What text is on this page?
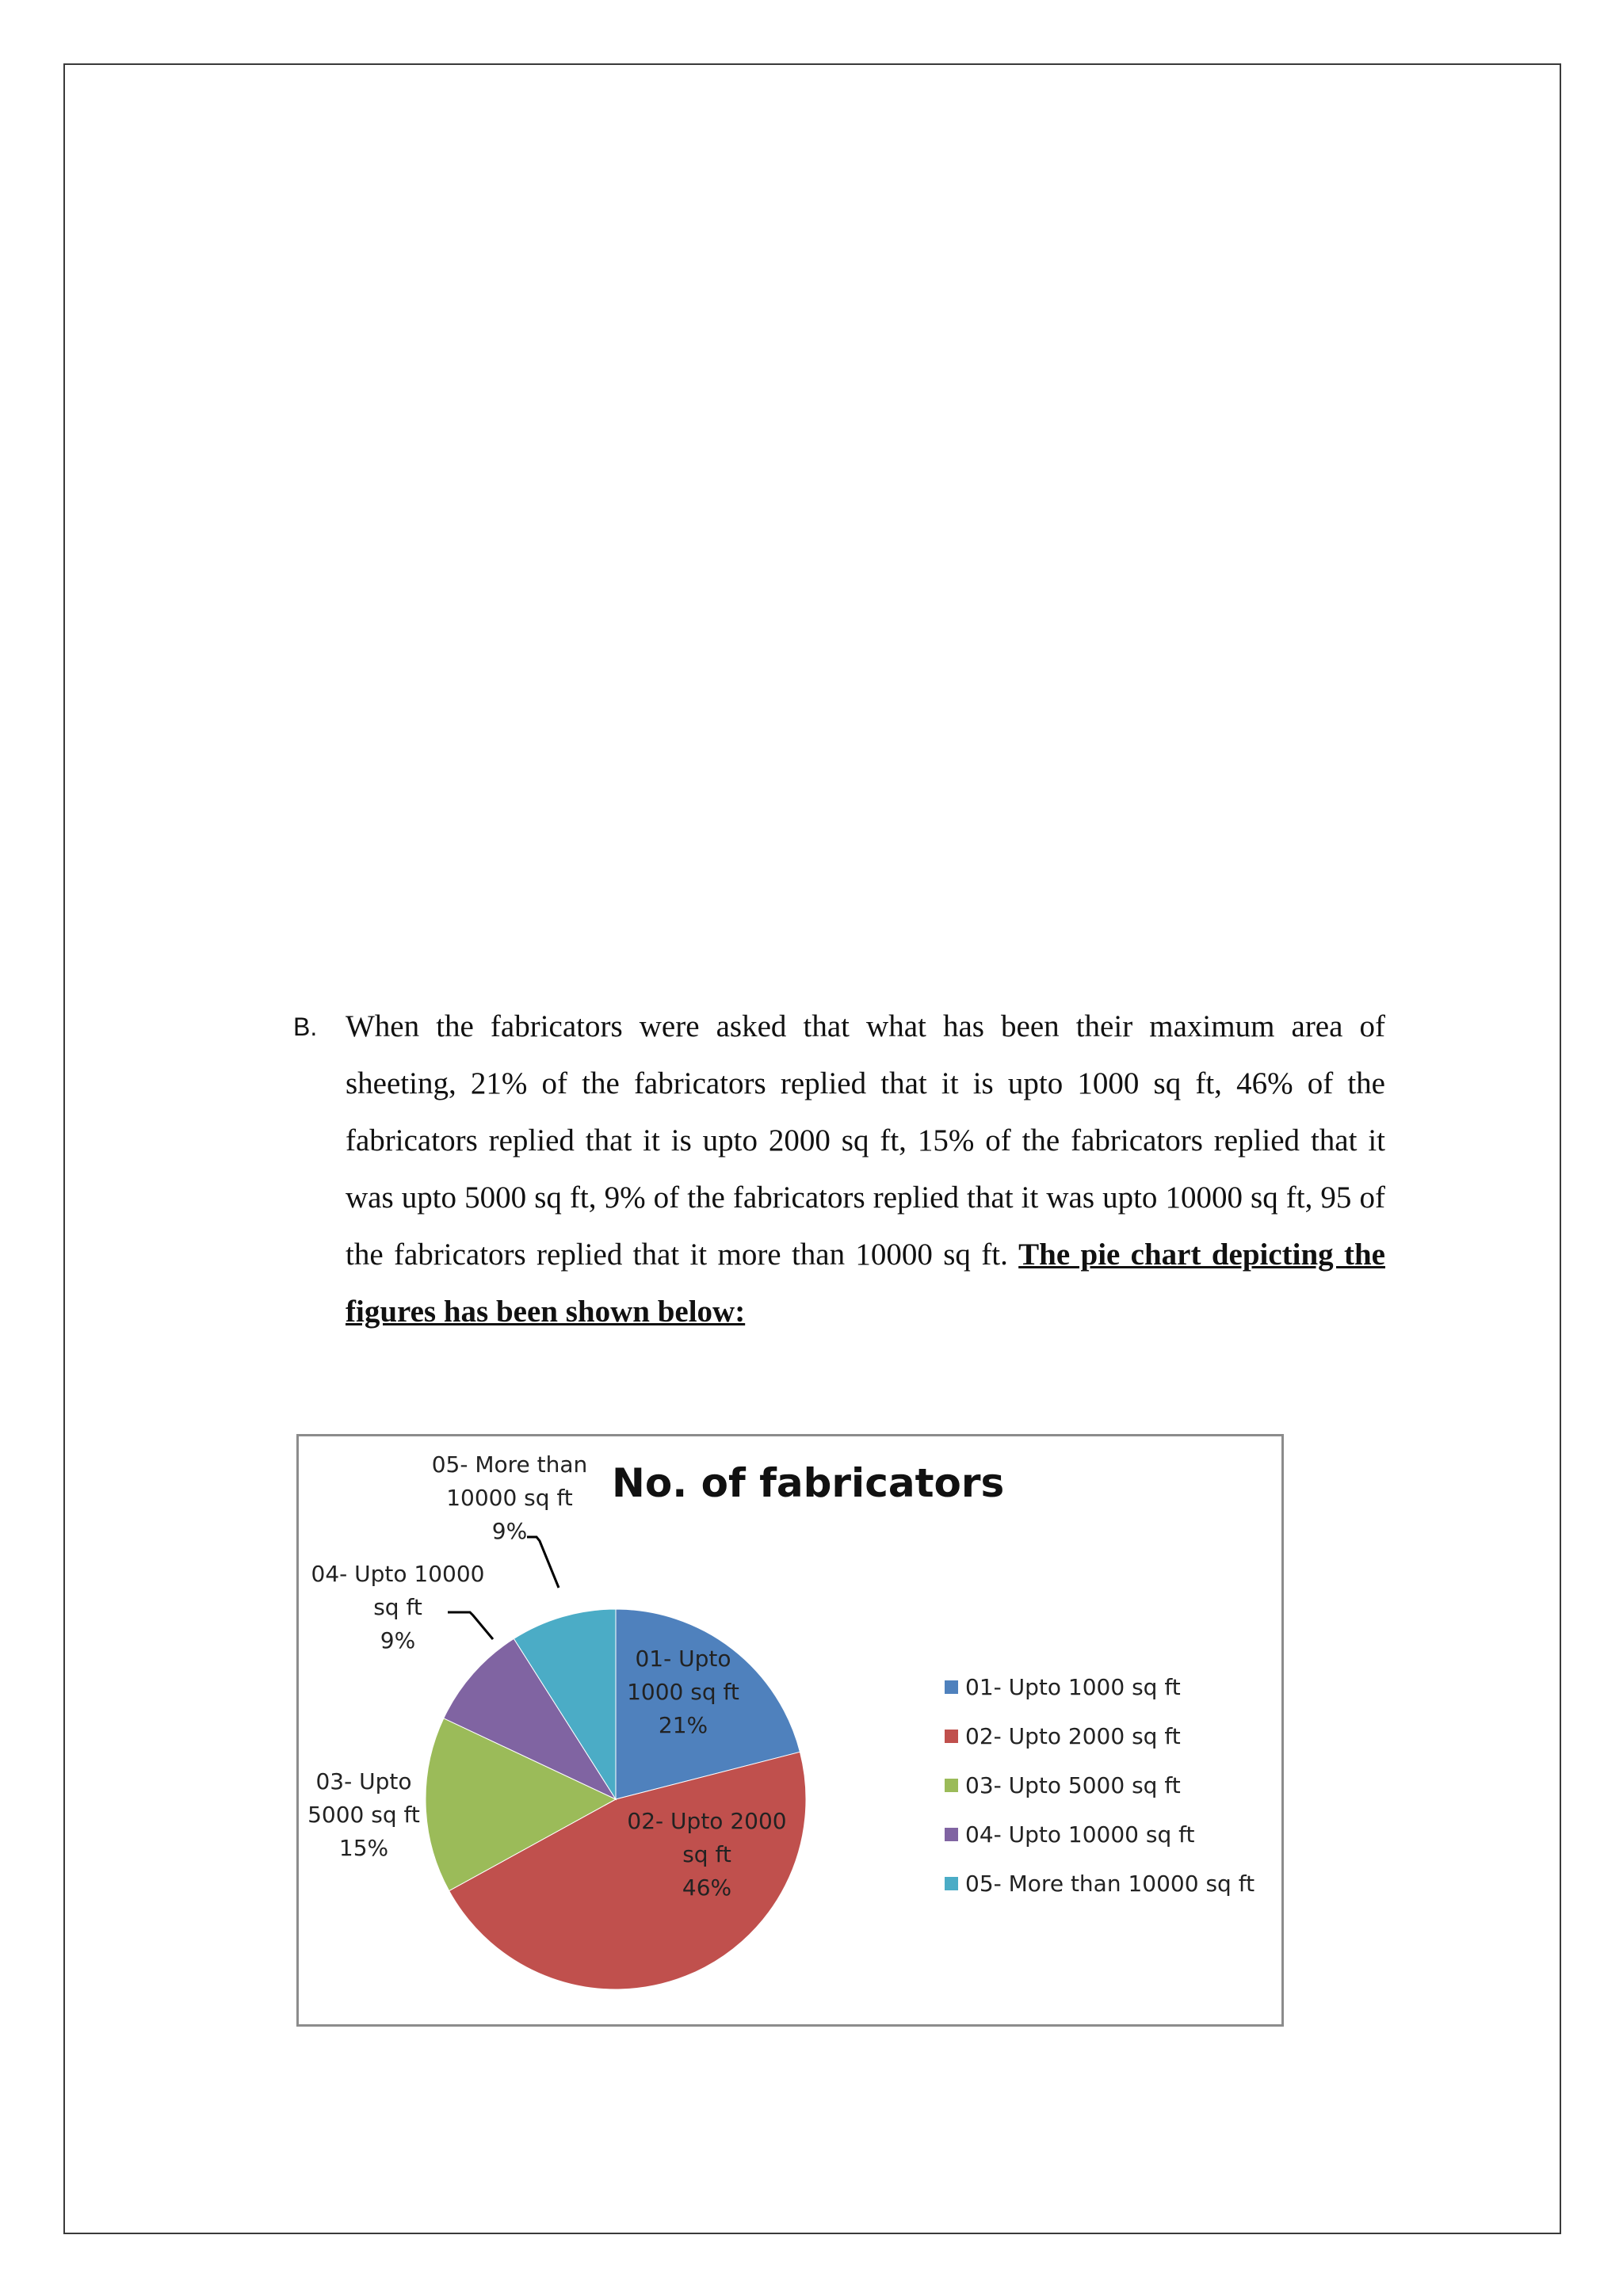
B. When the fabricators were asked that what has been their maximum area of sheeting, 21% of the fabricators replied that it is upto 1000 sq ft, 46% of the fabricators replied that it is upto 2000 sq ft, 15% of the fabricators replied that it was upto 5000 sq ft, 9% of the fabricators replied that it was upto 10000 sq ft, 95 of the fabricators replied that it more than 10000 sq ft. The pie chart depicting the figures has been shown below:
No. of fabricators
01- Upto 1000 sq ft
02- Upto 2000 sq ft
03- Upto 5000 sq ft
04- Upto 10000 sq ft
05- More than 10000 sq ft
01- Upto
1000 sq ft
21%
02- Upto 2000
sq ft
46%
03- Upto
5000 sq ft
15%
04- Upto 10000
sq ft
9%
05- More than
10000 sq ft
9%
